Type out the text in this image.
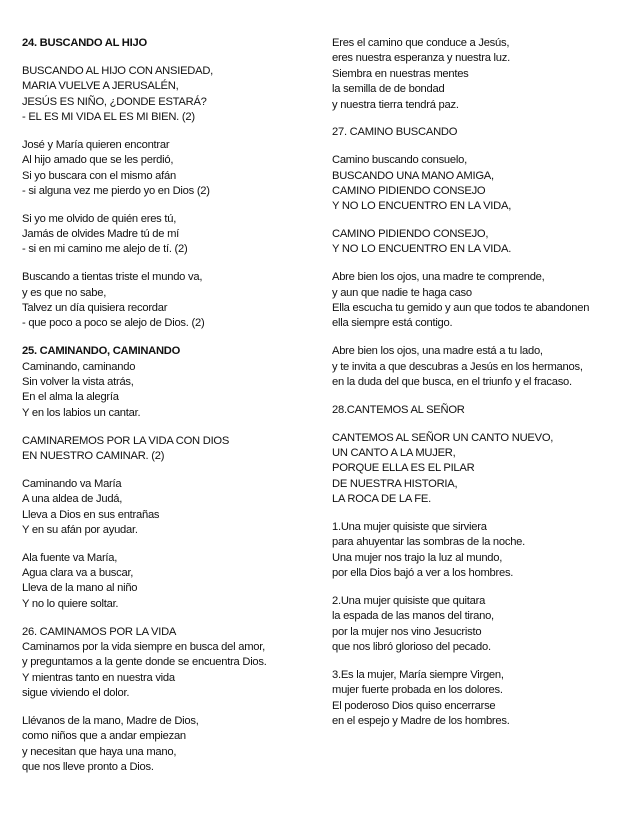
24. BUSCANDO AL HIJO
BUSCANDO AL HIJO CON ANSIEDAD,
MARIA VUELVE A JERUSALÉN,
JESÚS ES NIÑO, ¿DONDE ESTARÁ?
- EL ES MI VIDA EL ES MI BIEN. (2)
José y María quieren encontrar
Al hijo amado que se les perdió,
Si yo buscara con el mismo afán
- si alguna vez me pierdo yo en Dios (2)
Si yo me olvido de quién eres tú,
Jamás de olvides Madre tú de mí
- si en mi camino me alejo de tí. (2)
Buscando a tientas triste el mundo va,
y es que no sabe,
Talvez un día quisiera recordar
- que poco a poco se alejo de Dios. (2)
25. CAMINANDO, CAMINANDO
Caminando, caminando
Sin volver la vista atrás,
En el alma la alegría
Y en los labios un cantar.
CAMINAREMOS POR LA VIDA CON DIOS
EN NUESTRO CAMINAR. (2)
Caminando va María
A una aldea de Judá,
Lleva a Dios en sus entrañas
Y en su afán por ayudar.
Ala fuente va María,
Agua clara va a buscar,
Lleva de la mano al niño
Y no lo quiere soltar.
26. CAMINAMOS POR LA VIDA
Caminamos por la vida siempre en busca del amor,
y preguntamos a la gente donde se encuentra Dios.
Y mientras tanto en nuestra vida
sigue viviendo el dolor.
Llévanos de la mano, Madre de Dios,
como niños que a andar empiezan
y necesitan que haya una mano,
que nos lleve pronto a Dios.
Eres el camino que conduce a Jesús,
eres nuestra esperanza y nuestra luz.
Siembra en nuestras mentes
la semilla de de bondad
y nuestra tierra tendrá paz.
27. CAMINO BUSCANDO
Camino buscando consuelo,
BUSCANDO UNA MANO AMIGA,
CAMINO PIDIENDO CONSEJO
Y NO LO ENCUENTRO EN LA VIDA,
CAMINO PIDIENDO CONSEJO,
Y NO LO ENCUENTRO EN LA VIDA.
Abre bien los ojos, una madre te comprende,
y aun que nadie te haga caso
Ella escucha tu gemido y aun que todos te abandonen
ella siempre está contigo.
Abre bien los ojos, una madre está a tu lado,
y te invita a que descubras a Jesús en los hermanos,
en la duda del que busca, en el triunfo y el fracaso.
28.CANTEMOS AL SEÑOR
CANTEMOS AL SEÑOR UN CANTO NUEVO,
UN CANTO A LA MUJER,
PORQUE ELLA ES EL PILAR
DE NUESTRA HISTORIA,
LA ROCA DE LA FE.
1.Una mujer quisiste que sirviera
para ahuyentar las sombras de la noche.
Una mujer nos trajo la luz al mundo,
por ella Dios bajó a ver a los hombres.
2.Una mujer quisiste que quitara
la espada de las manos del tirano,
por la mujer nos vino Jesucristo
que nos libró glorioso del pecado.
3.Es la mujer, María siempre Virgen,
mujer fuerte probada en los dolores.
El poderoso Dios quiso encerrarse
en el espejo y Madre de los hombres.
